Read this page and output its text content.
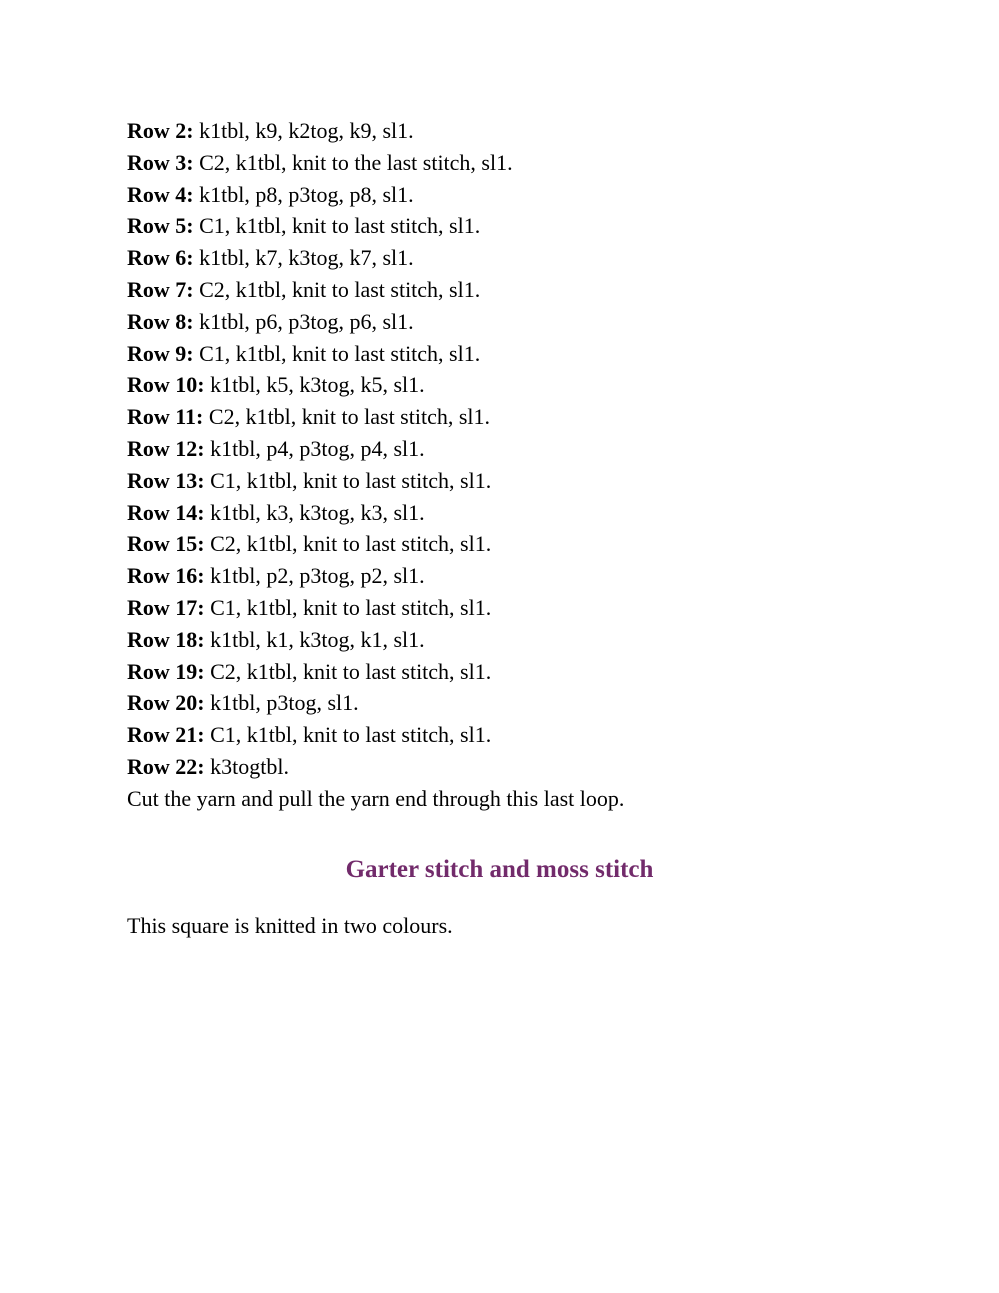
Row 2: k1tbl, k9, k2tog, k9, sl1.
Row 3: C2, k1tbl, knit to the last stitch, sl1.
Row 4: k1tbl, p8, p3tog, p8, sl1.
Row 5: C1, k1tbl, knit to last stitch, sl1.
Row 6: k1tbl, k7, k3tog, k7, sl1.
Row 7: C2, k1tbl, knit to last stitch, sl1.
Row 8: k1tbl, p6, p3tog, p6, sl1.
Row 9: C1, k1tbl, knit to last stitch, sl1.
Row 10: k1tbl, k5, k3tog, k5, sl1.
Row 11: C2, k1tbl, knit to last stitch, sl1.
Row 12: k1tbl, p4, p3tog, p4, sl1.
Row 13: C1, k1tbl, knit to last stitch, sl1.
Row 14: k1tbl, k3, k3tog, k3, sl1.
Row 15: C2, k1tbl, knit to last stitch, sl1.
Row 16: k1tbl, p2, p3tog, p2, sl1.
Row 17: C1, k1tbl, knit to last stitch, sl1.
Row 18: k1tbl, k1, k3tog, k1, sl1.
Row 19: C2, k1tbl, knit to last stitch, sl1.
Row 20: k1tbl, p3tog, sl1.
Row 21: C1, k1tbl, knit to last stitch, sl1.
Row 22: k3togtbl.
Cut the yarn and pull the yarn end through this last loop.
Garter stitch and moss stitch
This square is knitted in two colours.
